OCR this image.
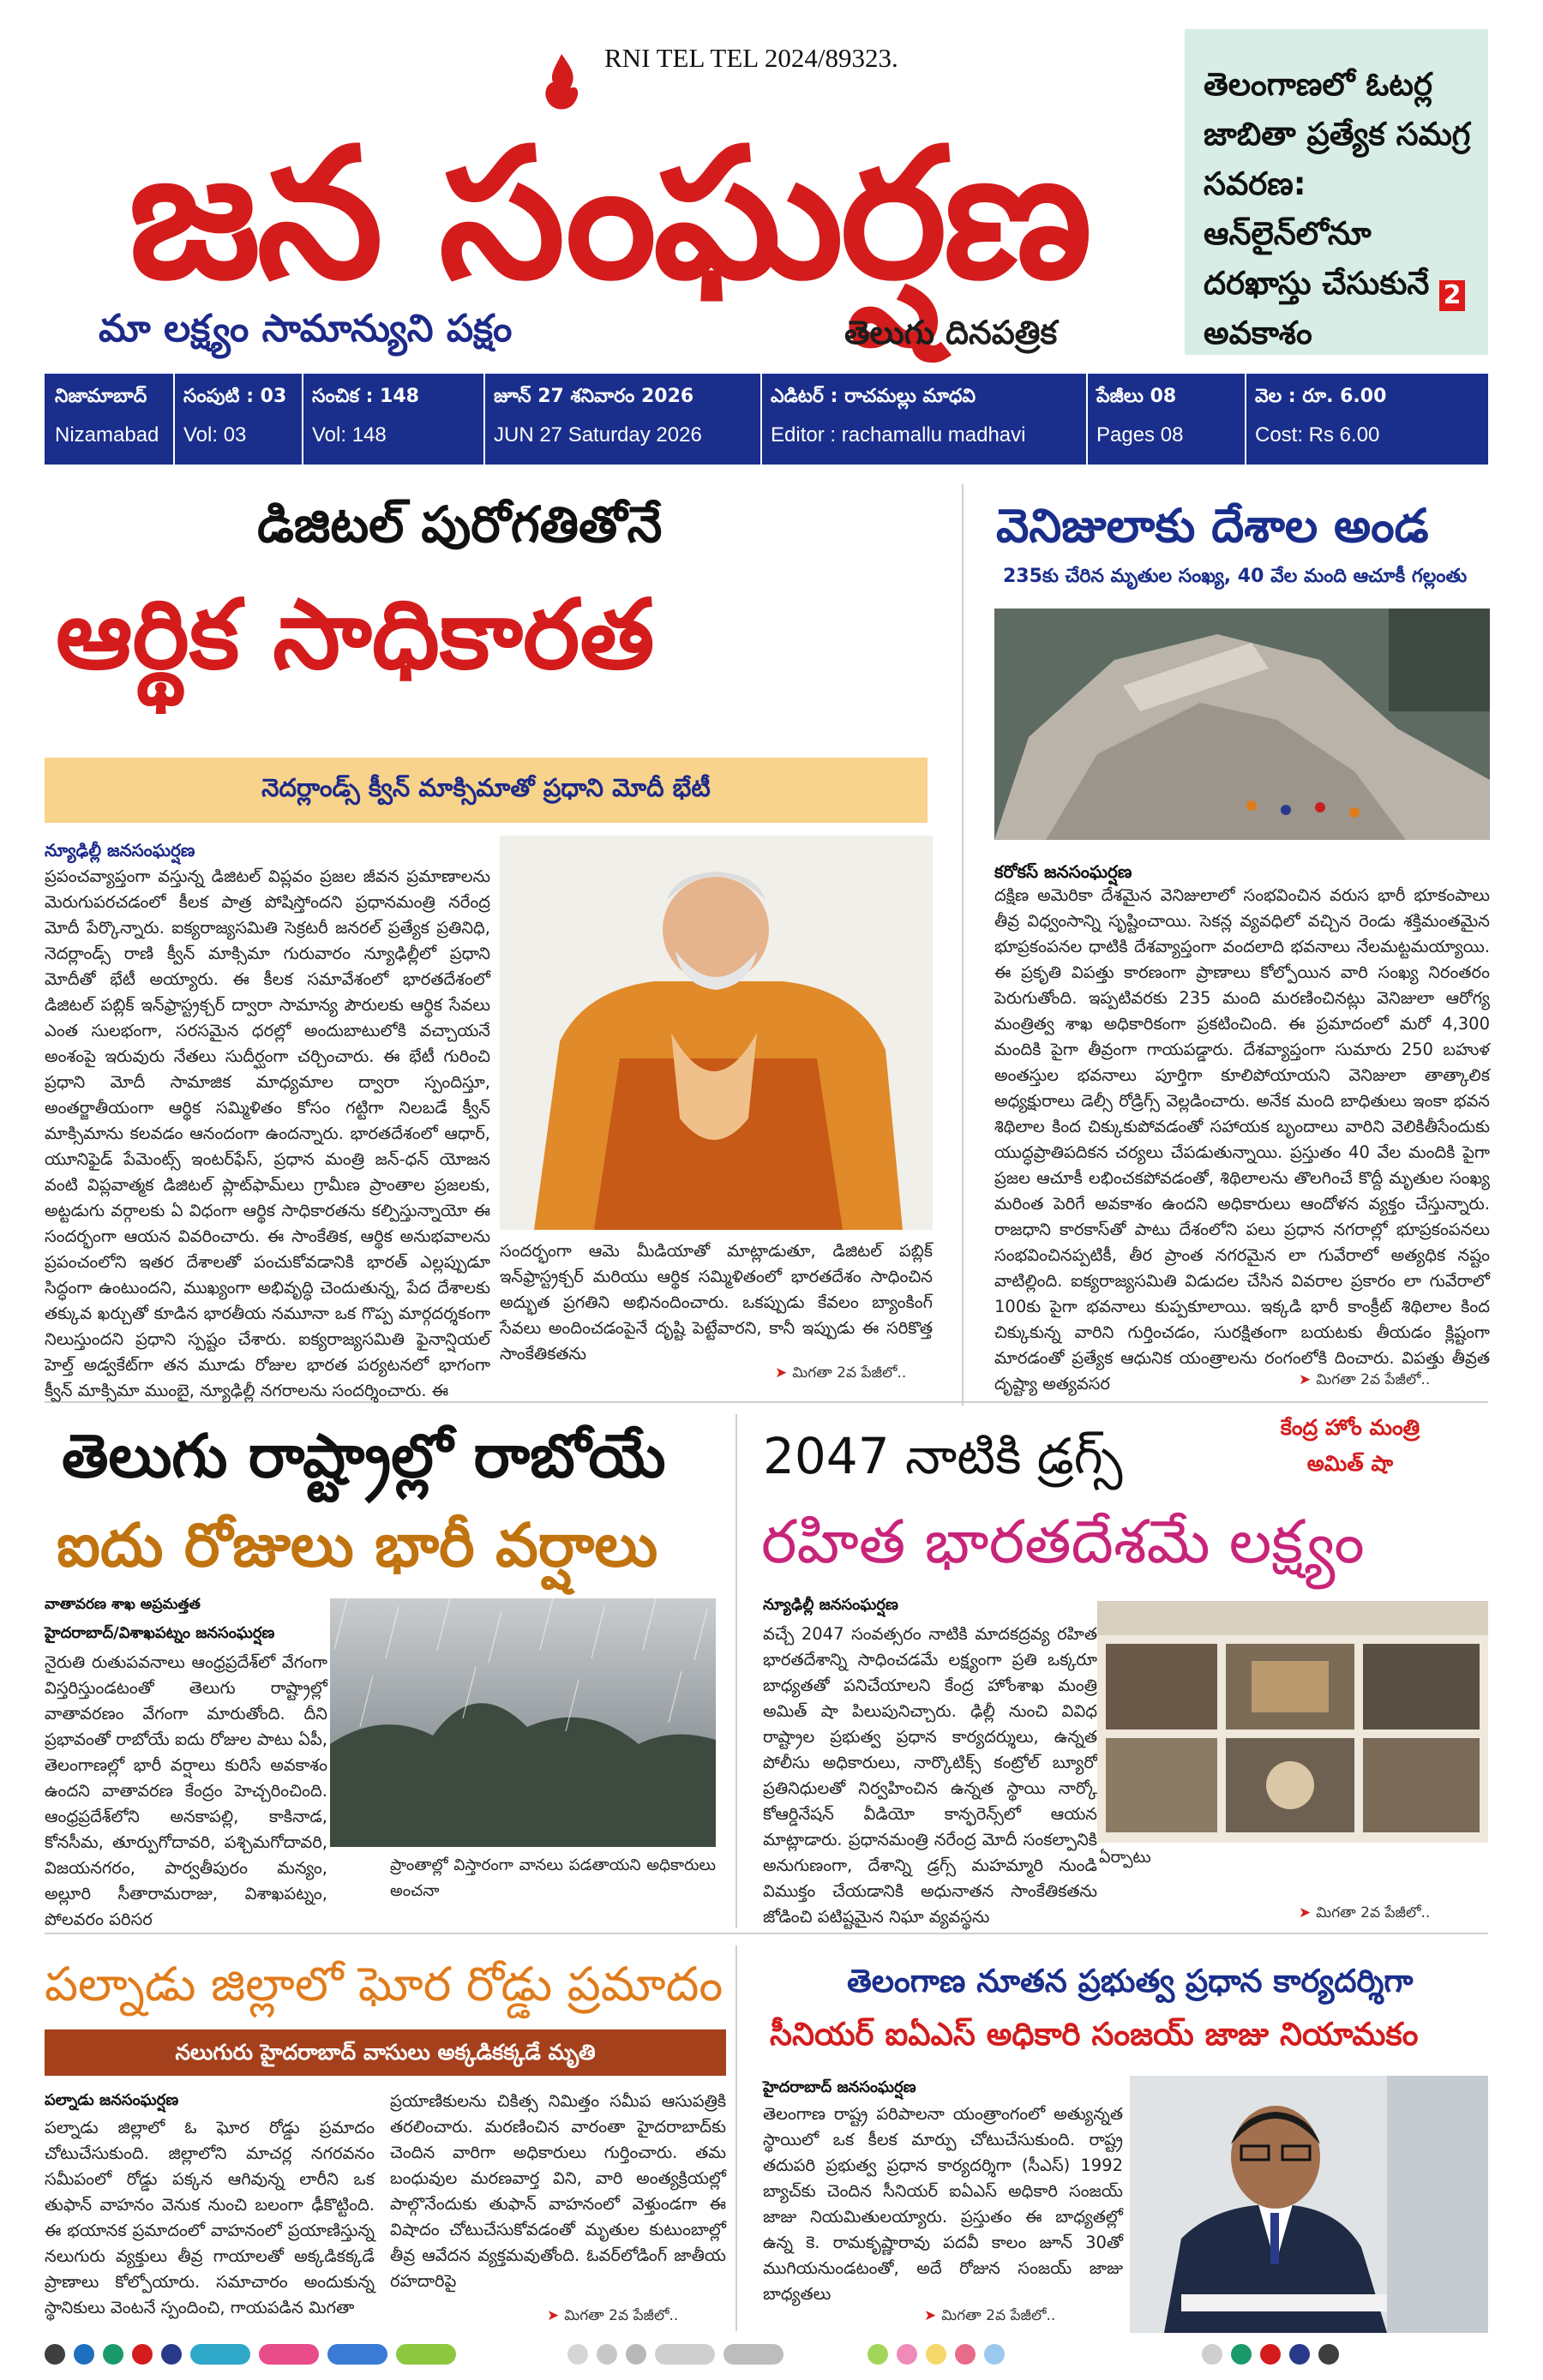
RNI TEL TEL 2024/89323.
జన సంఘర్షణ
మా లక్ష్యం సామాన్యుని పక్షం	తెలుగు దినపత్రిక
తెలంగాణలో ఓటర్ల జాబితా ప్రత్యేక సమగ్ర సవరణ: ఆన్‌లైన్‌లోనూ దరఖాస్తు చేసుకునే అవకాశం
2
నిజామాబాద్
Nizamabad
సంపుటి : 03
Vol: 03
సంచిక : 148
Vol: 148
జూన్ 27 శనివారం 2026
JUN 27 Saturday 2026
ఎడిటర్ : రాచమల్లు మాధవి
Editor : rachamallu madhavi
పేజీలు 08
Pages 08
వెల : రూ. 6.00
Cost: Rs 6.00
డిజిటల్ పురోగతితోనే
ఆర్థిక సాధికారత
నెదర్లాండ్స్ క్వీన్ మాక్సిమాతో ప్రధాని మోదీ భేటీ
న్యూఢిల్లీ జనసంఘర్షణ
ప్రపంచవ్యాప్తంగా వస్తున్న డిజిటల్ విప్లవం ప్రజల జీవన ప్రమాణాలను మెరుగుపరచడంలో కీలక పాత్ర పోషిస్తోందని ప్రధానమంత్రి నరేంద్ర మోదీ పేర్కొన్నారు. ఐక్యరాజ్యసమితి సెక్రటరీ జనరల్ ప్రత్యేక ప్రతినిధి, నెదర్లాండ్స్ రాణి క్వీన్ మాక్సిమా గురువారం న్యూఢిల్లీలో ప్రధాని మోదీతో భేటీ అయ్యారు. ఈ కీలక సమావేశంలో భారతదేశంలో డిజిటల్ పబ్లిక్ ఇన్‌ఫ్రాస్ట్రక్చర్ ద్వారా సామాన్య పౌరులకు ఆర్థిక సేవలు ఎంత సులభంగా, సరసమైన ధరల్లో అందుబాటులోకి వచ్చాయనే అంశంపై ఇరువురు నేతలు సుదీర్ఘంగా చర్చించారు. ఈ భేటీ గురించి ప్రధాని మోదీ సామాజిక మాధ్యమాల ద్వారా స్పందిస్తూ, అంతర్జాతీయంగా ఆర్థిక సమ్మిళితం కోసం గట్టిగా నిలబడే క్వీన్ మాక్సిమాను కలవడం ఆనందంగా ఉందన్నారు. భారతదేశంలో ఆధార్, యూనిఫైడ్ పేమెంట్స్ ఇంటర్‌ఫేస్, ప్రధాన మంత్రి జన్-ధన్ యోజన వంటి విప్లవాత్మక డిజిటల్ ప్లాట్‌ఫామ్‌లు గ్రామీణ ప్రాంతాల ప్రజలకు, అట్టడుగు వర్గాలకు ఏ విధంగా ఆర్థిక సాధికారతను కల్పిస్తున్నాయో ఈ సందర్భంగా ఆయన వివరించారు. ఈ సాంకేతిక, ఆర్థిక అనుభవాలను ప్రపంచంలోని ఇతర దేశాలతో పంచుకోవడానికి భారత్ ఎల్లప్పుడూ సిద్ధంగా ఉంటుందని, ముఖ్యంగా అభివృద్ధి చెందుతున్న, పేద దేశాలకు తక్కువ ఖర్చుతో కూడిన భారతీయ నమూనా ఒక గొప్ప మార్గదర్శకంగా నిలుస్తుందని ప్రధాని స్పష్టం చేశారు. ఐక్యరాజ్యసమితి ఫైనాన్షియల్ హెల్త్ అడ్వకేట్‌గా తన మూడు రోజుల భారత పర్యటనలో భాగంగా క్వీన్ మాక్సిమా ముంబై, న్యూఢిల్లీ నగరాలను సందర్శించారు. ఈ
సందర్భంగా ఆమె మీడియాతో మాట్లాడుతూ, డిజిటల్ పబ్లిక్ ఇన్‌ఫ్రాస్ట్రక్చర్ మరియు ఆర్థిక సమ్మిళితంలో భారతదేశం సాధించిన అద్భుత ప్రగతిని అభినందించారు. ఒకప్పుడు కేవలం బ్యాంకింగ్ సేవలు అందించడంపైనే దృష్టి పెట్టేవారని, కానీ ఇప్పుడు ఈ సరికొత్త సాంకేతికతను
➤ మిగతా 2వ పేజీలో..
వెనిజులాకు దేశాల అండ
235కు చేరిన మృతుల సంఖ్య, 40 వేల మంది ఆచూకీ గల్లంతు
కరోకస్ జనసంఘర్షణ
దక్షిణ అమెరికా దేశమైన వెనిజులాలో సంభవించిన వరుస భారీ భూకంపాలు తీవ్ర విధ్వంసాన్ని సృష్టించాయి. సెకన్ల వ్యవధిలో వచ్చిన రెండు శక్తిమంతమైన భూప్రకంపనల ధాటికి దేశవ్యాప్తంగా వందలాది భవనాలు నేలమట్టమయ్యాయి. ఈ ప్రకృతి విపత్తు కారణంగా ప్రాణాలు కోల్పోయిన వారి సంఖ్య నిరంతరం పెరుగుతోంది. ఇప్పటివరకు 235 మంది మరణించినట్లు వెనిజులా ఆరోగ్య మంత్రిత్వ శాఖ అధికారికంగా ప్రకటించింది. ఈ ప్రమాదంలో మరో 4,300 మందికి పైగా తీవ్రంగా గాయపడ్డారు. దేశవ్యాప్తంగా సుమారు 250 బహుళ అంతస్తుల భవనాలు పూర్తిగా కూలిపోయాయని వెనిజులా తాత్కాలిక అధ్యక్షురాలు డెల్సీ రోడ్రిగ్స్ వెల్లడించారు. అనేక మంది బాధితులు ఇంకా భవన శిథిలాల కింద చిక్కుకుపోవడంతో సహాయక బృందాలు వారిని వెలికితీసేందుకు యుద్ధప్రాతిపదికన చర్యలు చేపడుతున్నాయి. ప్రస్తుతం 40 వేల మందికి పైగా ప్రజల ఆచూకీ లభించకపోవడంతో, శిథిలాలను తొలగించే కొద్దీ మృతుల సంఖ్య మరింత పెరిగే అవకాశం ఉందని అధికారులు ఆందోళన వ్యక్తం చేస్తున్నారు. రాజధాని కారకాస్‌తో పాటు దేశంలోని పలు ప్రధాన నగరాల్లో భూప్రకంపనలు సంభవించినప్పటికీ, తీర ప్రాంత నగరమైన లా గువేరాలో అత్యధిక నష్టం వాటిల్లింది. ఐక్యరాజ్యసమితి విడుదల చేసిన వివరాల ప్రకారం లా గువేరాలో 100కు పైగా భవనాలు కుప్పకూలాయి. ఇక్కడి భారీ కాంక్రీట్ శిథిలాల కింద చిక్కుకున్న వారిని గుర్తించడం, సురక్షితంగా బయటకు తీయడం క్లిష్టంగా మారడంతో ప్రత్యేక ఆధునిక యంత్రాలను రంగంలోకి దించారు. విపత్తు తీవ్రత దృష్ట్యా అత్యవసర	➤ మిగతా 2వ పేజీలో..
తెలుగు రాష్ట్రాల్లో రాబోయే
ఐదు రోజులు భారీ వర్షాలు
వాతావరణ శాఖ అప్రమత్తత
హైదరాబాద్/విశాఖపట్నం జనసంఘర్షణ
నైరుతి రుతుపవనాలు ఆంధ్రప్రదేశ్‌లో వేగంగా విస్తరిస్తుండటంతో తెలుగు రాష్ట్రాల్లో వాతావరణం వేగంగా మారుతోంది. దీని ప్రభావంతో రాబోయే ఐదు రోజుల పాటు ఏపీ, తెలంగాణల్లో భారీ వర్షాలు కురిసే అవకాశం ఉందని వాతావరణ కేంద్రం హెచ్చరించింది. ఆంధ్రప్రదేశ్‌లోని అనకాపల్లి, కాకినాడ, కోనసీమ, తూర్పుగోదావరి, పశ్చిమగోదావరి, విజయనగరం, పార్వతీపురం మన్యం, అల్లూరి సీతారామరాజు, విశాఖపట్నం, పోలవరం పరిసర
ప్రాంతాల్లో విస్తారంగా వానలు పడతాయని అధికారులు అంచనా
2047 నాటికి డ్రగ్స్	కేంద్ర హోం మంత్రి అమిత్ షా
రహిత భారతదేశమే లక్ష్యం
న్యూఢిల్లీ జనసంఘర్షణ
వచ్చే 2047 సంవత్సరం నాటికి మాదకద్రవ్య రహిత భారతదేశాన్ని సాధించడమే లక్ష్యంగా ప్రతి ఒక్కరూ బాధ్యతతో పనిచేయాలని కేంద్ర హోంశాఖ మంత్రి అమిత్ షా పిలుపునిచ్చారు. ఢిల్లీ నుంచి వివిధ రాష్ట్రాల ప్రభుత్వ ప్రధాన కార్యదర్శులు, ఉన్నత పోలీసు అధికారులు, నార్కొటిక్స్ కంట్రోల్ బ్యూరో ప్రతినిధులతో నిర్వహించిన ఉన్నత స్థాయి నార్కో కోఆర్డినేషన్ వీడియో కాన్ఫరెన్స్‌లో ఆయన మాట్లాడారు. ప్రధానమంత్రి నరేంద్ర మోదీ సంకల్పానికి అనుగుణంగా, దేశాన్ని డ్రగ్స్ మహమ్మారి నుండి విముక్తం చేయడానికి అధునాతన సాంకేతికతను జోడించి పటిష్టమైన నిఘా వ్యవస్థను
ఏర్పాటు
➤ మిగతా 2వ పేజీలో..
పల్నాడు జిల్లాలో ఘోర రోడ్డు ప్రమాదం
నలుగురు హైదరాబాద్ వాసులు అక్కడికక్కడే మృతి
పల్నాడు జనసంఘర్షణ
పల్నాడు జిల్లాలో ఓ ఘోర రోడ్డు ప్రమాదం చోటుచేసుకుంది. జిల్లాలోని మాచర్ల నగరవనం సమీపంలో రోడ్డు పక్కన ఆగివున్న లారీని ఒక తుఫాన్ వాహనం వెనుక నుంచి బలంగా ఢీకొట్టింది. ఈ భయానక ప్రమాదంలో వాహనంలో ప్రయాణిస్తున్న నలుగురు వ్యక్తులు తీవ్ర గాయాలతో అక్కడికక్కడే ప్రాణాలు కోల్పోయారు. సమాచారం అందుకున్న స్థానికులు వెంటనే స్పందించి, గాయపడిన మిగతా
ప్రయాణికులను చికిత్స నిమిత్తం సమీప ఆసుపత్రికి తరలించారు. మరణించిన వారంతా హైదరాబాద్‌కు చెందిన వారిగా అధికారులు గుర్తించారు. తమ బంధువుల మరణవార్త విని, వారి అంత్యక్రియల్లో పాల్గొనేందుకు తుఫాన్ వాహనంలో వెళ్తుండగా ఈ విషాదం చోటుచేసుకోవడంతో మృతుల కుటుంబాల్లో తీవ్ర ఆవేదన వ్యక్తమవుతోంది. ఓవర్‌లోడింగ్ జాతీయ రహదారిపై
➤ మిగతా 2వ పేజీలో..
తెలంగాణ నూతన ప్రభుత్వ ప్రధాన కార్యదర్శిగా
సీనియర్ ఐఏఎస్ అధికారి సంజయ్ జాజు నియామకం
హైదరాబాద్ జనసంఘర్షణ
తెలంగాణ రాష్ట్ర పరిపాలనా యంత్రాంగంలో అత్యున్నత స్థాయిలో ఒక కీలక మార్పు చోటుచేసుకుంది. రాష్ట్ర తదుపరి ప్రభుత్వ ప్రధాన కార్యదర్శిగా (సీఎస్) 1992 బ్యాచ్‌కు చెందిన సీనియర్ ఐఏఎస్ అధికారి సంజయ్ జాజు నియమితులయ్యారు. ప్రస్తుతం ఈ బాధ్యతల్లో ఉన్న కె. రామకృష్ణారావు పదవీ కాలం జూన్ 30తో ముగియనుండటంతో, అదే రోజున సంజయ్ జాజు బాధ్యతలు
➤ మిగతా 2వ పేజీలో..
